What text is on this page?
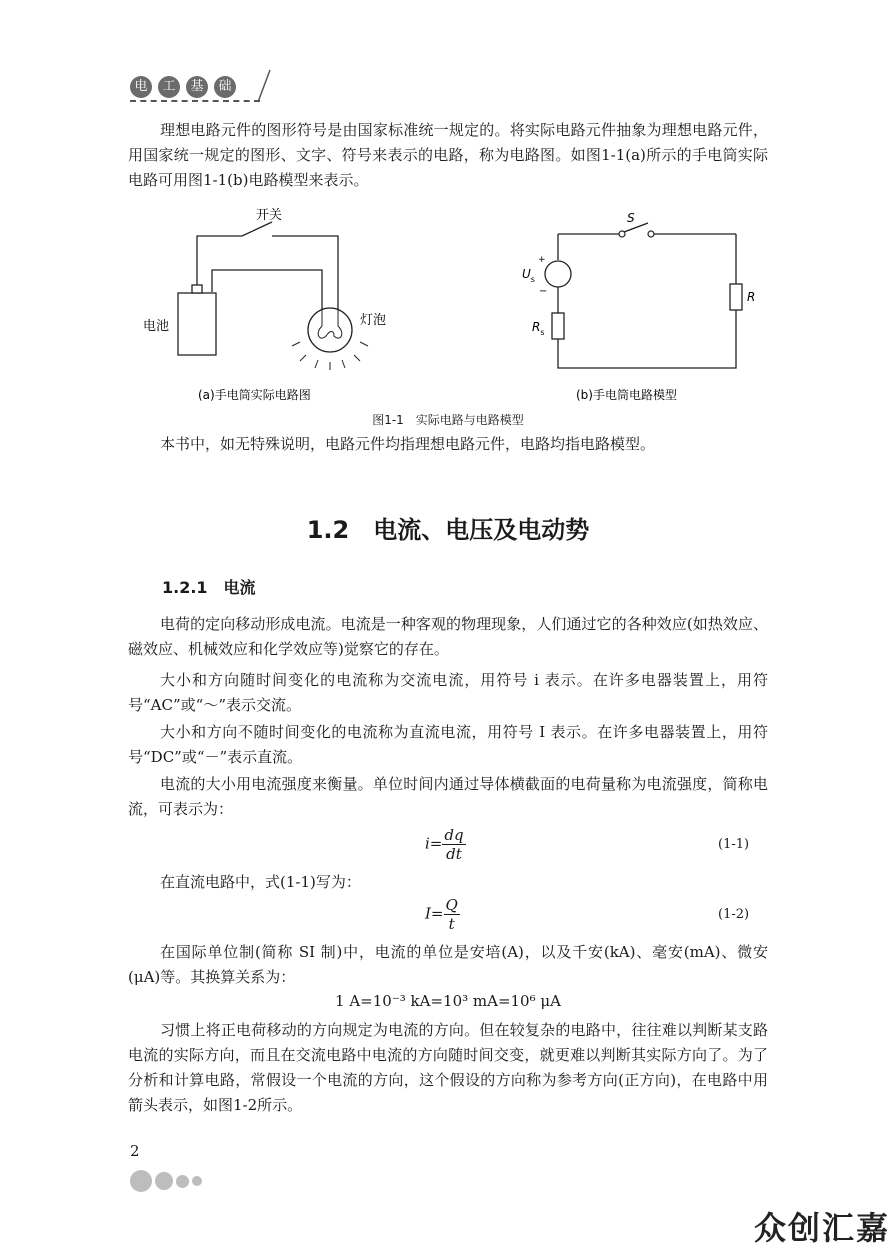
电	工	基	础
理想电路元件的图形符号是由国家标准统一规定的。将实际电路元件抽象为理想电路元件，用国家统一规定的图形、文字、符号来表示的电路，称为电路图。如图1-1(a)所示的手电筒实际电路可用图1-1(b)电路模型来表示。
开关
电池	灯泡
(a)手电筒实际电路图
S
+
−
$U_s$
$R_s$
R
(b)手电筒电路模型
图1-1　实际电路与电路模型
本书中，如无特殊说明，电路元件均指理想电路元件，电路均指电路模型。
1.2　电流、电压及电动势
1.2.1　电流
电荷的定向移动形成电流。电流是一种客观的物理现象，人们通过它的各种效应(如热效应、磁效应、机械效应和化学效应等)觉察它的存在。
大小和方向随时间变化的电流称为交流电流，用符号 i 表示。在许多电器装置上，用符号“AC”或“～”表示交流。
大小和方向不随时间变化的电流称为直流电流，用符号 I 表示。在许多电器装置上，用符号“DC”或“－”表示直流。
电流的大小用电流强度来衡量。单位时间内通过导体横截面的电荷量称为电流强度，简称电流，可表示为：
$i= \frac{dq}{dt}$	(1-1)
在直流电路中，式(1-1)写为：
$I= \frac{Q}{t}$	(1-2)
在国际单位制(简称 SI 制)中，电流的单位是安培(A)，以及千安(kA)、毫安(mA)、微安(μA)等。其换算关系为：
1 A=10⁻³ kA=10³ mA=10⁶ μA
习惯上将正电荷移动的方向规定为电流的方向。但在较复杂的电路中，往往难以判断某支路电流的实际方向，而且在交流电路中电流的方向随时间交变，就更难以判断其实际方向了。为了分析和计算电路，常假设一个电流的方向，这个假设的方向称为参考方向(正方向)，在电路中用箭头表示，如图1-2所示。
2
众创汇嘉
